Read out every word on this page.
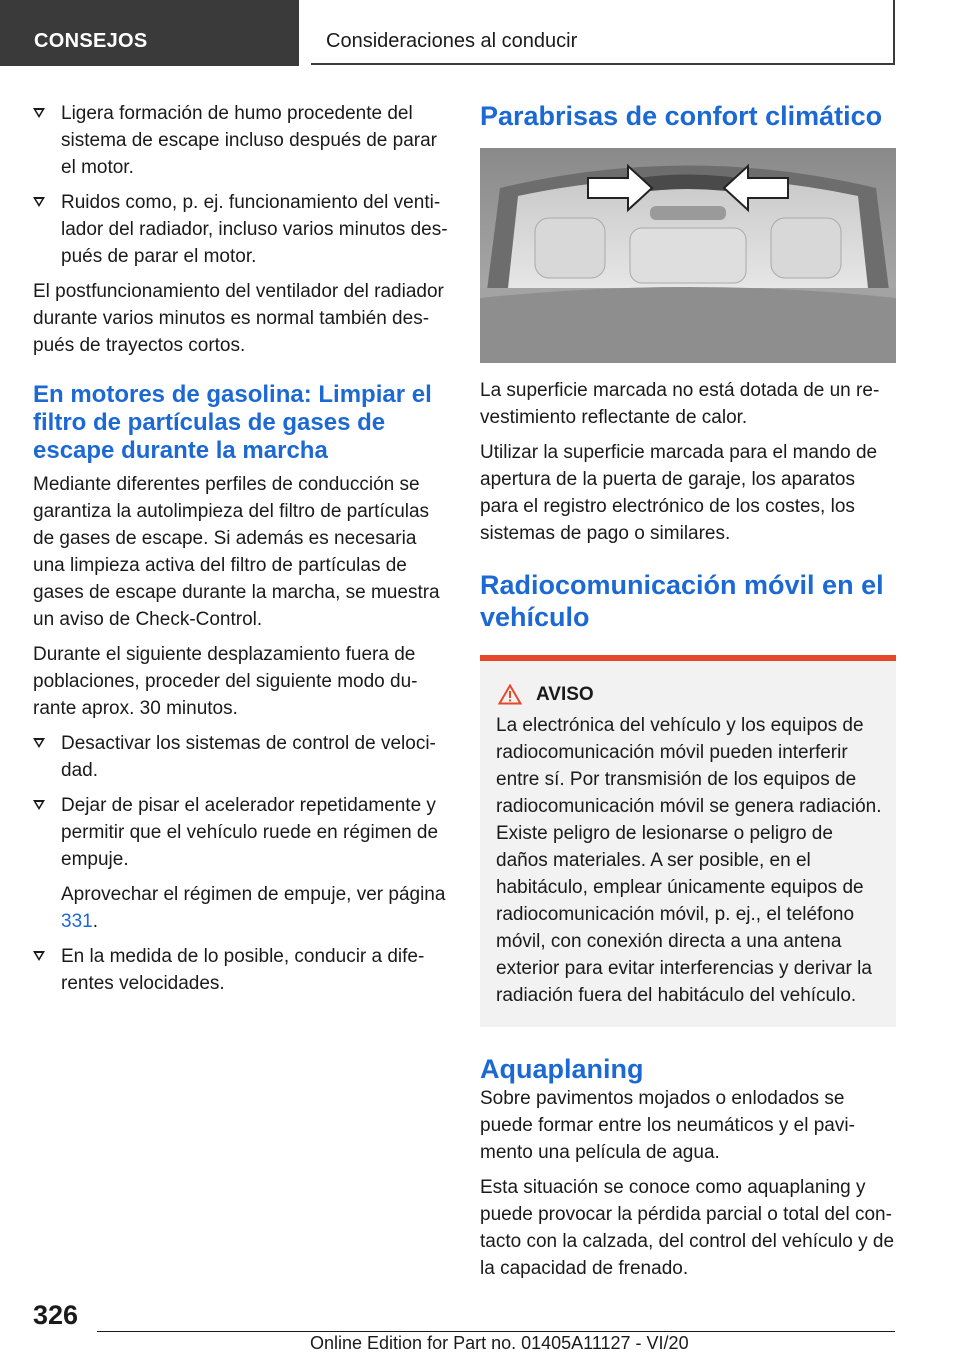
CONSEJOS	Consideraciones al conducir
Ligera formación de humo procedente del sistema de escape incluso después de parar el motor.
Ruidos como, p. ej. funcionamiento del ventilador del radiador, incluso varios minutos después de parar el motor.

El postfuncionamiento del ventilador del radiador durante varios minutos es normal también después de trayectos cortos.

En motores de gasolina: Limpiar el filtro de partículas de gases de escape durante la marcha

Mediante diferentes perfiles de conducción se garantiza la autolimpieza del filtro de partículas de gases de escape. Si además es necesaria una limpieza activa del filtro de partículas de gases de escape durante la marcha, se muestra un aviso de Check-Control.

Durante el siguiente desplazamiento fuera de poblaciones, proceder del siguiente modo durante aprox. 30 minutos.

Desactivar los sistemas de control de velocidad.
Dejar de pisar el acelerador repetidamente y permitir que el vehículo ruede en régimen de empuje.
Aprovechar el régimen de empuje, ver página 331.
En la medida de lo posible, conducir a diferentes velocidades.
Parabrisas de confort climático

La superficie marcada no está dotada de un revestimiento reflectante de calor.

Utilizar la superficie marcada para el mando de apertura de la puerta de garaje, los aparatos para el registro electrónico de los costes, los sistemas de pago o similares.

Radiocomunicación móvil en el vehículo
AVISO
La electrónica del vehículo y los equipos de radiocomunicación móvil pueden interferir entre sí. Por transmisión de los equipos de radiocomunicación móvil se genera radiación. Existe peligro de lesionarse o peligro de daños materiales. A ser posible, en el habitáculo, emplear únicamente equipos de radiocomunicación móvil, p. ej., el teléfono móvil, con conexión directa a una antena exterior para evitar interferencias y derivar la radiación fuera del habitáculo del vehículo.
Aquaplaning

Sobre pavimentos mojados o enlodados se puede formar entre los neumáticos y el pavimento una película de agua.

Esta situación se conoce como aquaplaning y puede provocar la pérdida parcial o total del contacto con la calzada, del control del vehículo y de la capacidad de frenado.

326
Online Edition for Part no. 01405A11127 - VI/20
